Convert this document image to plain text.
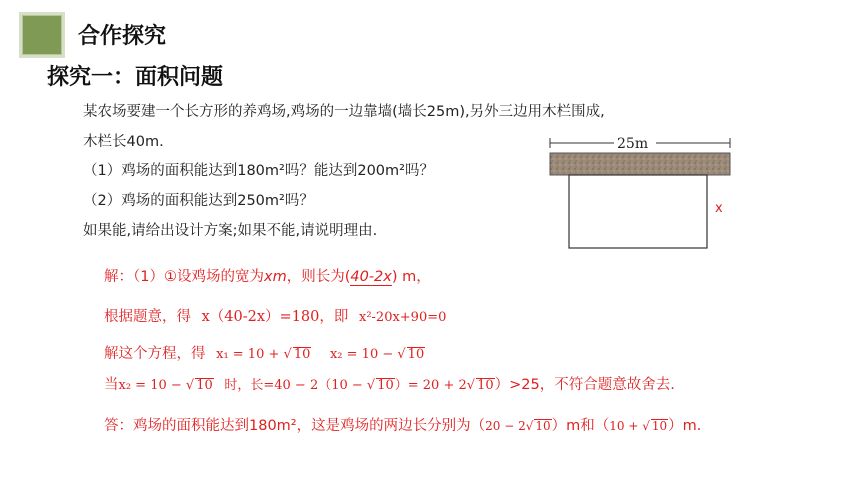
合作探究
探究一：面积问题
某农场要建一个长方形的养鸡场,鸡场的一边靠墙(墙长25m),另外三边用木栏围成,
木栏长40m.
（1）鸡场的面积能达到180m²吗？能达到200m²吗？
（2）鸡场的面积能达到250m²吗？
如果能,请给出设计方案;如果不能,请说明理由.
25m
x
解：（1）①设鸡场的宽为xm，则长为(40-2x) m，
根据题意，得 x（40-2x）=180，即 x²-20x+90=0
解这个方程，得 x₁ = 10 + √ 10 x₂ = 10 − √ 10
当x₂ = 10 − √ 10 时，长=40 − 2（10 − √ 10）= 20 + 2√ 10）>25，不符合题意故舍去.
答：鸡场的面积能达到180m²，这是鸡场的两边长分别为（20 − 2√ 10）m和（10 + √ 10）m.
